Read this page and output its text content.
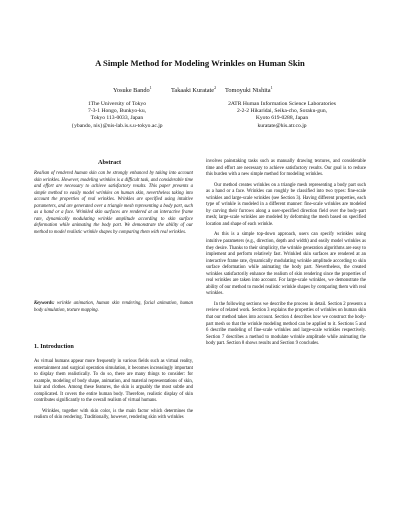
A Simple Method for Modeling Wrinkles on Human Skin
Yosuke Bando$^1$	Takaaki Kuratate$^2$ Tomoyuki Nishita$^1$
1The University of Tokyo
7-3-1 Hongo, Bunkyo-ku,
Tokyo 113-0033, Japan
{ybando, nis}@nis-lab.is.s.u-tokyo.ac.jp
2ATR Human Information Science Laboratories
2-2-2 Hikaridai, Seika-cho, Soraku-gun,
Kyoto 619-0288, Japan
kuratate@his.atr.co.jp
Abstract
Realism of rendered human skin can be strongly enhanced by taking into account skin wrinkles. However, modeling wrinkles is a difficult task, and considerable time and effort are necessary to achieve satisfactory results. This paper presents a simple method to easily model wrinkles on human skin, nevertheless taking into account the properties of real wrinkles. Wrinkles are specified using intuitive parameters, and are generated over a triangle mesh representing a body part, such as a hand or a face. Wrinkled skin surfaces are rendered at an interactive frame rate, dynamically modulating wrinkle amplitude according to skin surface deformation while animating the body part. We demonstrate the ability of our method to model realistic wrinkle shapes by comparing them with real wrinkles.
Keywords: wrinkle animation, human skin rendering, facial animation, human body simulation, texture mapping.
1. Introduction

As virtual humans appear more frequently in various fields such as virtual reality, entertainment and surgical operation simulation, it becomes increasingly important to display them realistically. To do so, there are many things to consider: for example, modeling of body shape, animation, and material representations of skin, hair and clothes. Among these features, the skin is arguably the most subtle and complicated. It covers the entire human body. Therefore, realistic display of skin contributes significantly to the overall realism of virtual humans.

Wrinkles, together with skin color, is the main factor which determines the realism of skin rendering. Traditionally, however, rendering skin with wrinkles

involves painstaking tasks such as manually drawing textures, and considerable time and effort are necessary to achieve satisfactory results. Our goal is to reduce this burden with a new simple method for modeling wrinkles.

Our method creates wrinkles on a triangle mesh representing a body part such as a hand or a face. Wrinkles can roughly be classified into two types: fine-scale wrinkles and large-scale wrinkles (see Section 3). Having different properties, each type of wrinkle is modeled in a different manner: fine-scale wrinkles are modeled by carving their furrows along a user-specified direction field over the body-part mesh; large-scale wrinkles are modeled by deforming the mesh based on specified location and shape of each wrinkle.

As this is a simple top-down approach, users can specify wrinkles using intuitive parameters (e.g., direction, depth and width) and easily model wrinkles as they desire. Thanks to their simplicity, the wrinkle generation algorithms are easy to implement and perform relatively fast. Wrinkled skin surfaces are rendered at an interactive frame rate, dynamically modulating wrinkle amplitude according to skin surface deformation while animating the body part. Nevertheless, the created wrinkles satisfactorily enhance the realism of skin rendering since the properties of real wrinkles are taken into account. For large-scale wrinkles, we demonstrate the ability of our method to model realistic wrinkle shapes by comparing them with real wrinkles.

In the following sections we describe the process in detail. Section 2 presents a review of related work. Section 3 explains the properties of wrinkles on human skin that our method takes into account. Section 4 describes how we construct the body-part mesh so that the wrinkle modeling method can be applied to it. Sections 5 and 6 describe modeling of fine-scale wrinkles and large-scale wrinkles respectively. Section 7 describes a method to modulate wrinkle amplitude while animating the body part. Section 8 shows results and Section 9 concludes.
